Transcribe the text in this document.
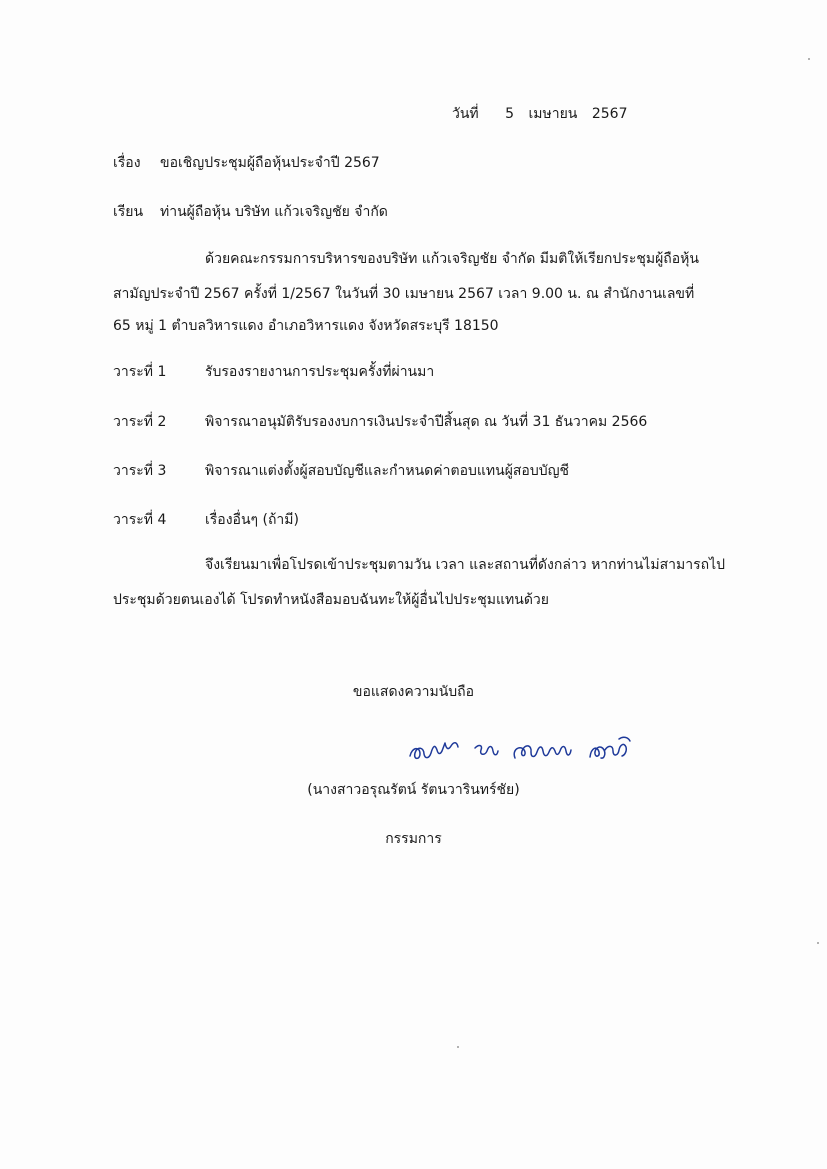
วันที่ 5 เมษายน 2567
เรื่อง ขอเชิญประชุมผู้ถือหุ้นประจำปี 2567
เรียน ท่านผู้ถือหุ้น บริษัท แก้วเจริญชัย จำกัด
ด้วยคณะกรรมการบริหารของบริษัท แก้วเจริญชัย จำกัด มีมติให้เรียกประชุมผู้ถือหุ้น
สามัญประจำปี 2567 ครั้งที่ 1/2567 ในวันที่ 30 เมษายน 2567 เวลา 9.00 น. ณ สำนักงานเลขที่
65 หมู่ 1 ตำบลวิหารแดง อำเภอวิหารแดง จังหวัดสระบุรี 18150
วาระที่ 1	รับรองรายงานการประชุมครั้งที่ผ่านมา
วาระที่ 2	พิจารณาอนุมัติรับรองงบการเงินประจำปีสิ้นสุด ณ วันที่ 31 ธันวาคม 2566
วาระที่ 3	พิจารณาแต่งตั้งผู้สอบบัญชีและกำหนดค่าตอบแทนผู้สอบบัญชี
วาระที่ 4	เรื่องอื่นๆ (ถ้ามี)
จึงเรียนมาเพื่อโปรดเข้าประชุมตามวัน เวลา และสถานที่ดังกล่าว หากท่านไม่สามารถไป
ประชุมด้วยตนเองได้ โปรดทำหนังสือมอบฉันทะให้ผู้อื่นไปประชุมแทนด้วย
ขอแสดงความนับถือ
(นางสาวอรุณรัตน์ รัตนวารินทร์ชัย)
กรรมการ
